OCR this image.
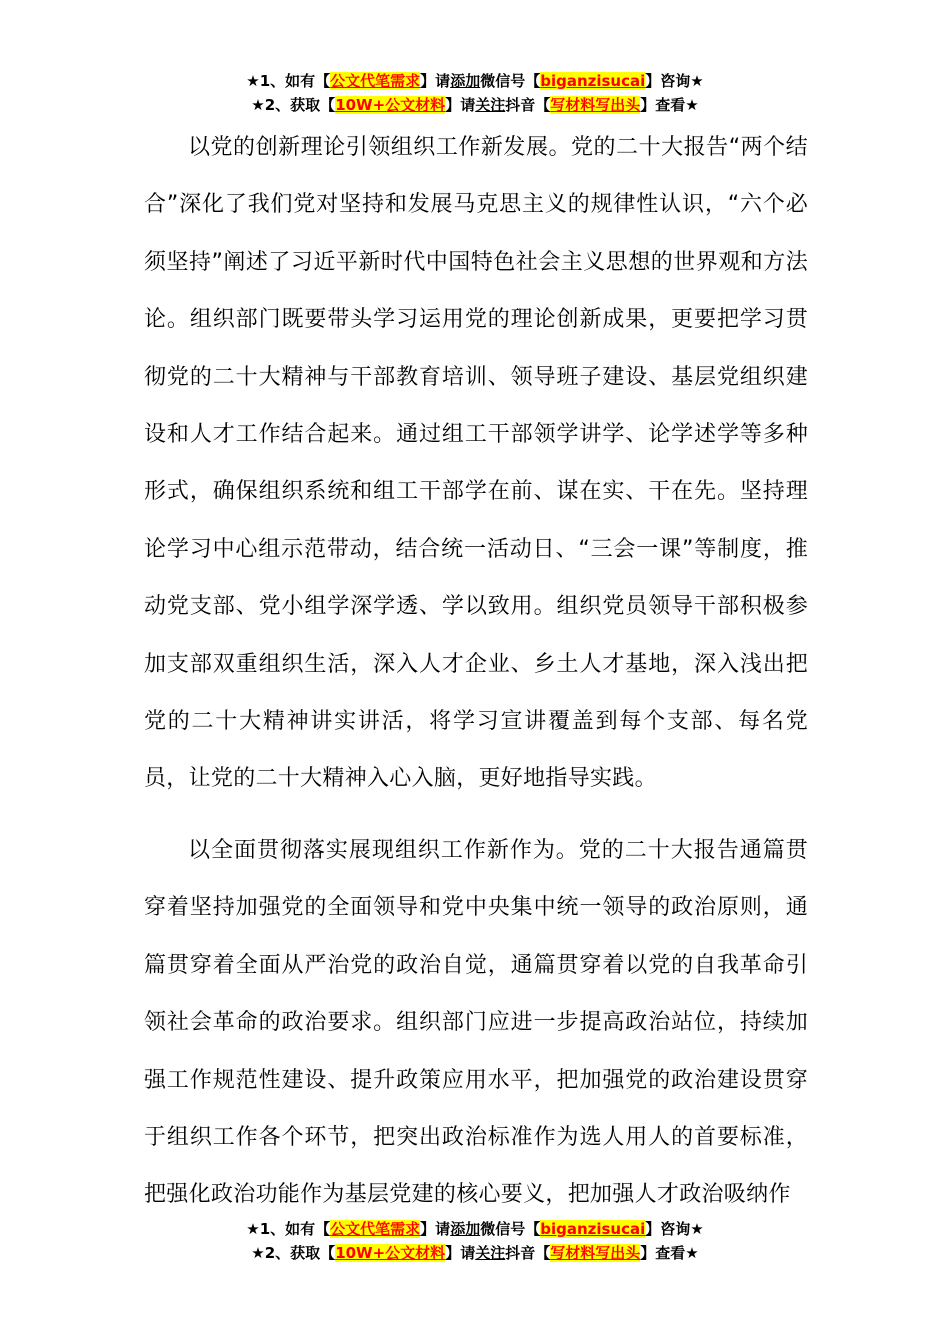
★1、如有【公文代笔需求】请添加微信号【biganzisucai】咨询★
★2、获取【10W+公文材料】请关注抖音【写材料写出头】查看★

以党的创新理论引领组织工作新发展。党的二十大报告“两个结合”深化了我们党对坚持和发展马克思主义的规律性认识，“六个必须坚持”阐述了习近平新时代中国特色社会主义思想的世界观和方法论。组织部门既要带头学习运用党的理论创新成果，更要把学习贯彻党的二十大精神与干部教育培训、领导班子建设、基层党组织建设和人才工作结合起来。通过组工干部领学讲学、论学述学等多种形式，确保组织系统和组工干部学在前、谋在实、干在先。坚持理论学习中心组示范带动，结合统一活动日、“三会一课”等制度，推动党支部、党小组学深学透、学以致用。组织党员领导干部积极参加支部双重组织生活，深入人才企业、乡土人才基地，深入浅出把党的二十大精神讲实讲活，将学习宣讲覆盖到每个支部、每名党员，让党的二十大精神入心入脑，更好地指导实践。

以全面贯彻落实展现组织工作新作为。党的二十大报告通篇贯穿着坚持加强党的全面领导和党中央集中统一领导的政治原则，通篇贯穿着全面从严治党的政治自觉，通篇贯穿着以党的自我革命引领社会革命的政治要求。组织部门应进一步提高政治站位，持续加强工作规范性建设、提升政策应用水平，把加强党的政治建设贯穿于组织工作各个环节，把突出政治标准作为选人用人的首要标准，把强化政治功能作为基层党建的核心要义，把加强人才政治吸纳作

★1、如有【公文代笔需求】请添加微信号【biganzisucai】咨询★
★2、获取【10W+公文材料】请关注抖音【写材料写出头】查看★
